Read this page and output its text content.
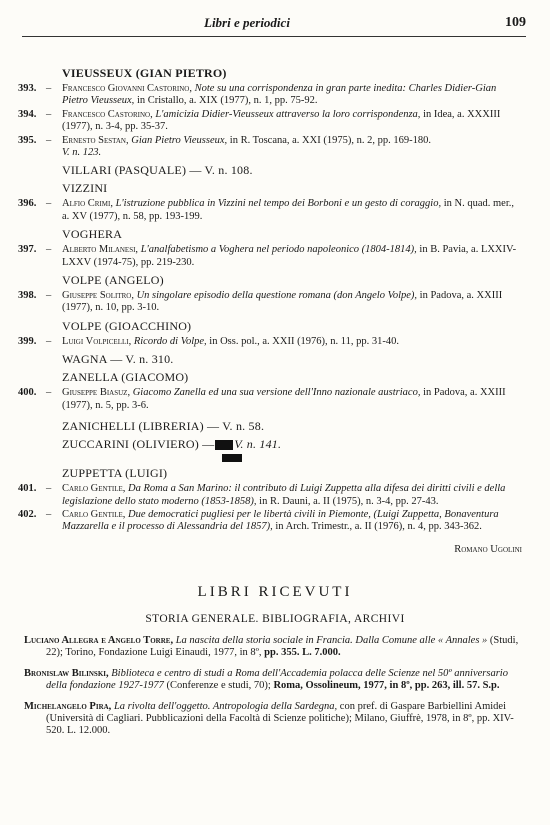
Libri e periodici	109
VIEUSSEUX (GIAN PIETRO)
393. – Francesco Giovanni Castorino, Note su una corrispondenza in gran parte inedita: Charles Didier-Gian Pietro Vieusseux, in Cristallo, a. XIX (1977), n. 1, pp. 75-92.
394. – Francesco Castorino, L'amicizia Didier-Vieusseux attraverso la loro corrispondenza, in Idea, a. XXXIII (1977), n. 3-4, pp. 35-37.
395. – Ernesto Sestan, Gian Pietro Vieusseux, in R. Toscana, a. XXI (1975), n. 2, pp. 169-180.
V. n. 123.
VILLARI (PASQUALE) — V. n. 108.
VIZZINI
396. – Alfio Crimi, L'istruzione pubblica in Vizzini nel tempo dei Borboni e un gesto di coraggio, in N. quad. mer., a. XV (1977), n. 58, pp. 193-199.
VOGHERA
397. – Alberto Milanesi, L'analfabetismo a Voghera nel periodo napoleonico (1804-1814), in B. Pavia, a. LXXIV-LXXV (1974-75), pp. 219-230.
VOLPE (ANGELO)
398. – Giuseppe Solitro, Un singolare episodio della questione romana (don Angelo Volpe), in Padova, a. XXIII (1977), n. 10, pp. 3-10.
VOLPE (GIOACCHINO)
399. – Luigi Volpicelli, Ricordo di Volpe, in Oss. pol., a. XXII (1976), n. 11, pp. 31-40.
WAGNA — V. n. 310.
ZANELLA (GIACOMO)
400. – Giuseppe Biasuz, Giacomo Zanella ed una sua versione dell'Inno nazionale austriaco, in Padova, a. XXIII (1977), n. 5, pp. 3-6.
ZANICHELLI (LIBRERIA) — V. n. 58.
ZUCCARINI (OLIVIERO) — V. n. 141.
ZUPPETTA (LUIGI)
401. – Carlo Gentile, Da Roma a San Marino: il contributo di Luigi Zuppetta alla difesa dei diritti civili e della legislazione dello stato moderno (1853-1858), in R. Dauni, a. II (1975), n. 3-4, pp. 27-43.
402. – Carlo Gentile, Due democratici pugliesi per le libertà civili in Piemonte, (Luigi Zuppetta, Bonaventura Mazzarella e il processo di Alessandria del 1857), in Arch. Trimestr., a. II (1976), n. 4, pp. 343-362.
Romano Ugolini
LIBRI RICEVUTI
STORIA GENERALE. BIBLIOGRAFIA, ARCHIVI
Luciano Allegra e Angelo Torre, La nascita della storia sociale in Francia. Dalla Comune alle « Annales » (Studi, 22); Torino, Fondazione Luigi Einaudi, 1977, in 8º, pp. 355. L. 7.000.
Bronislaw Bilinski, Biblioteca e centro di studi a Roma dell'Accademia polacca delle Scienze nel 50º anniversario della fondazione 1927-1977 (Conferenze e studi, 70); Roma, Ossolineum, 1977, in 8º, pp. 263, ill. 57. S.p.
Michelangelo Pira, La rivolta dell'oggetto. Antropologia della Sardegna, con pref. di Gaspare Barbiellini Amidei (Università di Cagliari. Pubblicazioni della Facoltà di Scienze politiche); Milano, Giuffrè, 1978, in 8º, pp. XIV-520. L. 12.000.
